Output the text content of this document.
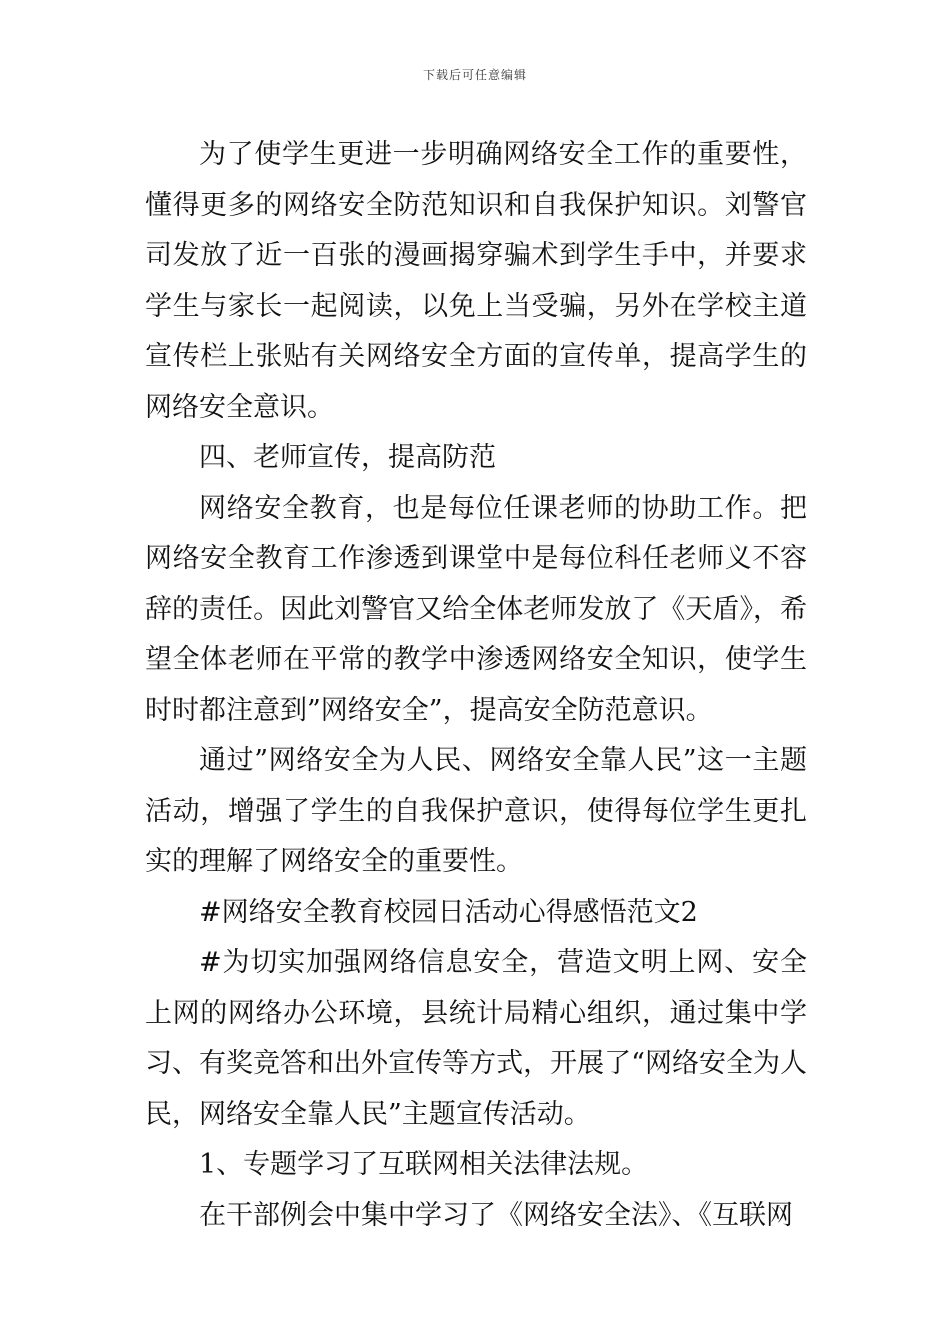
下载后可任意编辑

为了使学生更进一步明确网络安全工作的重要性，懂得更多的网络安全防范知识和自我保护知识。刘警官司发放了近一百张的漫画揭穿骗术到学生手中，并要求学生与家长一起阅读，以免上当受骗，另外在学校主道宣传栏上张贴有关网络安全方面的宣传单，提高学生的网络安全意识。

四、老师宣传，提高防范

网络安全教育，也是每位任课老师的协助工作。把网络安全教育工作渗透到课堂中是每位科任老师义不容辞的责任。因此刘警官又给全体老师发放了《天盾》，希望全体老师在平常的教学中渗透网络安全知识，使学生时时都注意到”网络安全”，提高安全防范意识。

通过”网络安全为人民、网络安全靠人民”这一主题活动，增强了学生的自我保护意识，使得每位学生更扎实的理解了网络安全的重要性。

#网络安全教育校园日活动心得感悟范文2

#为切实加强网络信息安全，营造文明上网、安全上网的网络办公环境，县统计局精心组织，通过集中学习、有奖竞答和出外宣传等方式，开展了“网络安全为人民，网络安全靠人民”主题宣传活动。

1、专题学习了互联网相关法律法规。

在干部例会中集中学习了《网络安全法》、《互联网
